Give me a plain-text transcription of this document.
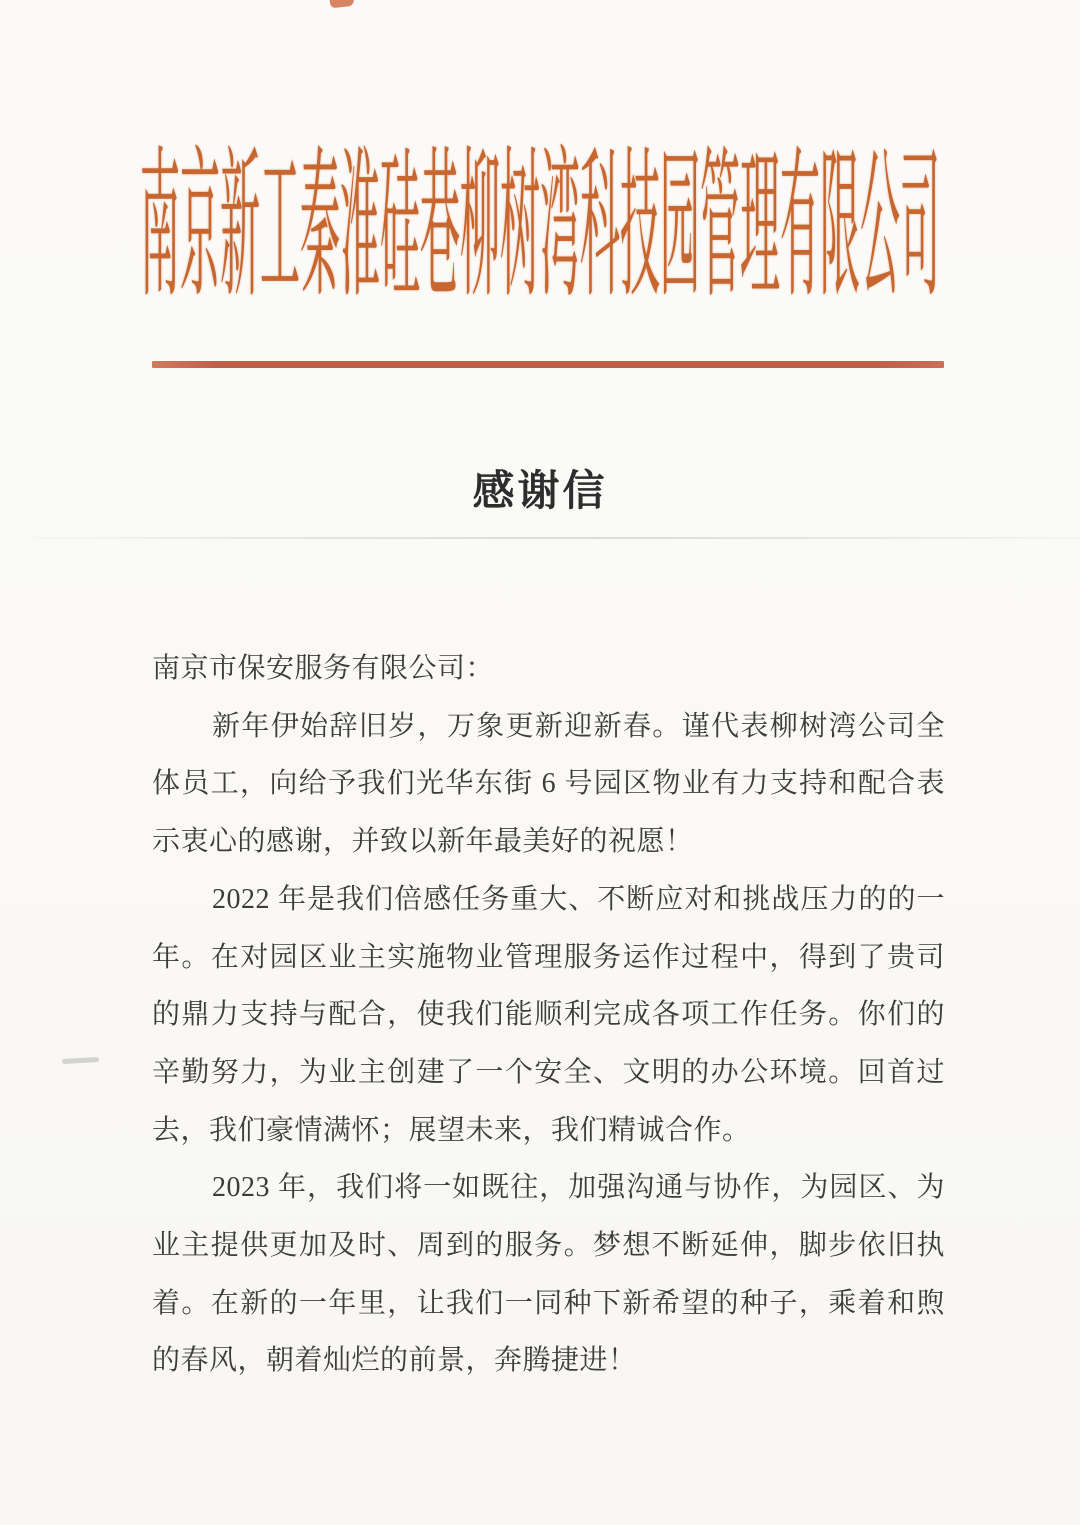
南京新工秦淮硅巷柳树湾科技园管理有限公司
感谢信
南京市保安服务有限公司：
新年伊始辞旧岁，万象更新迎新春。谨代表柳树湾公司全
体员工，向给予我们光华东街 6 号园区物业有力支持和配合表
示衷心的感谢，并致以新年最美好的祝愿！
2022 年是我们倍感任务重大、不断应对和挑战压力的的一
年。在对园区业主实施物业管理服务运作过程中，得到了贵司
的鼎力支持与配合，使我们能顺利完成各项工作任务。你们的
辛勤努力，为业主创建了一个安全、文明的办公环境。回首过
去，我们豪情满怀；展望未来，我们精诚合作。
2023 年，我们将一如既往，加强沟通与协作，为园区、为
业主提供更加及时、周到的服务。梦想不断延伸，脚步依旧执
着。在新的一年里，让我们一同种下新希望的种子，乘着和煦
的春风，朝着灿烂的前景，奔腾捷进！
